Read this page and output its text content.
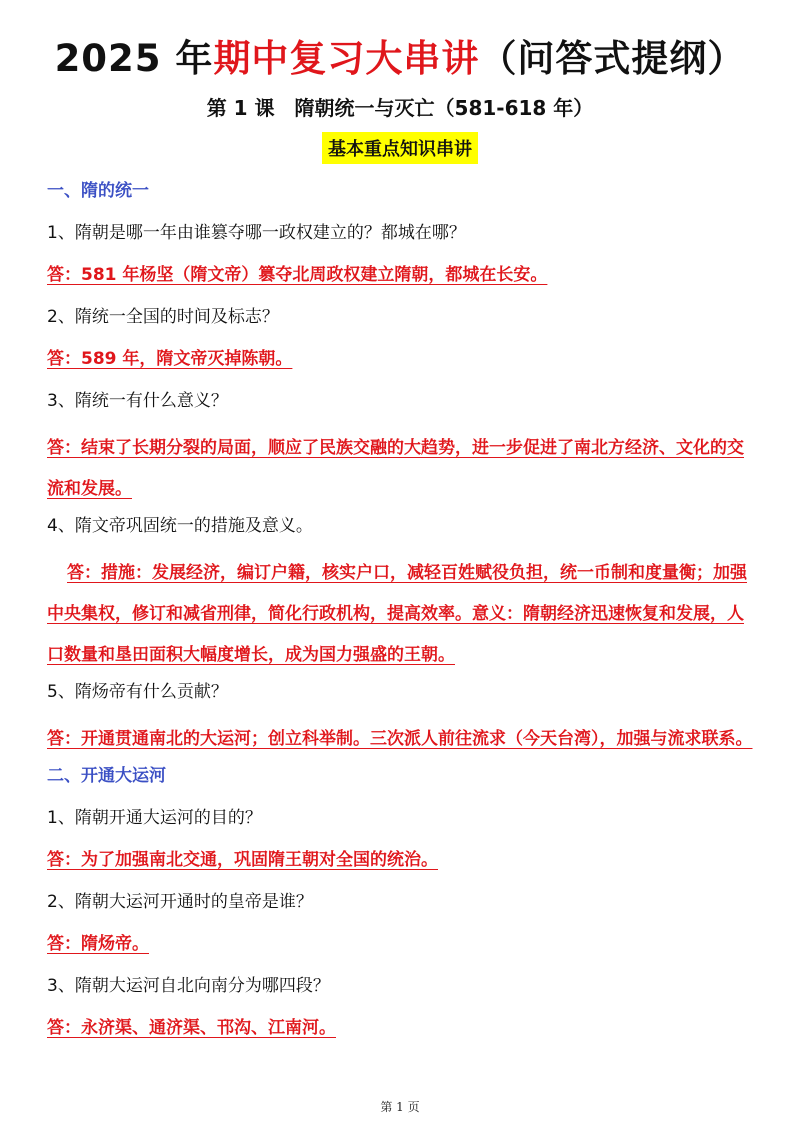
2025 年期中复习大串讲（问答式提纲）
第 1 课　隋朝统一与灭亡（581-618 年）
基本重点知识串讲
一、隋的统一
1、隋朝是哪一年由谁篡夺哪一政权建立的？都城在哪？
答：581 年杨坚（隋文帝）篡夺北周政权建立隋朝，都城在长安。
2、隋统一全国的时间及标志？
答：589 年，隋文帝灭掉陈朝。
3、隋统一有什么意义？
答：结束了长期分裂的局面，顺应了民族交融的大趋势，进一步促进了南北方经济、文化的交流和发展。
4、隋文帝巩固统一的措施及意义。
答：措施：发展经济，编订户籍，核实户口，减轻百姓赋役负担，统一币制和度量衡；加强中央集权，修订和减省刑律，简化行政机构，提高效率。意义：隋朝经济迅速恢复和发展，人口数量和垦田面积大幅度增长，成为国力强盛的王朝。
5、隋炀帝有什么贡献？
答：开通贯通南北的大运河；创立科举制。三次派人前往流求（今天台湾），加强与流求联系。
二、开通大运河
1、隋朝开通大运河的目的？
答：为了加强南北交通，巩固隋王朝对全国的统治。
2、隋朝大运河开通时的皇帝是谁？
答：隋炀帝。
3、隋朝大运河自北向南分为哪四段？
答：永济渠、通济渠、邗沟、江南河。
第 1 页
